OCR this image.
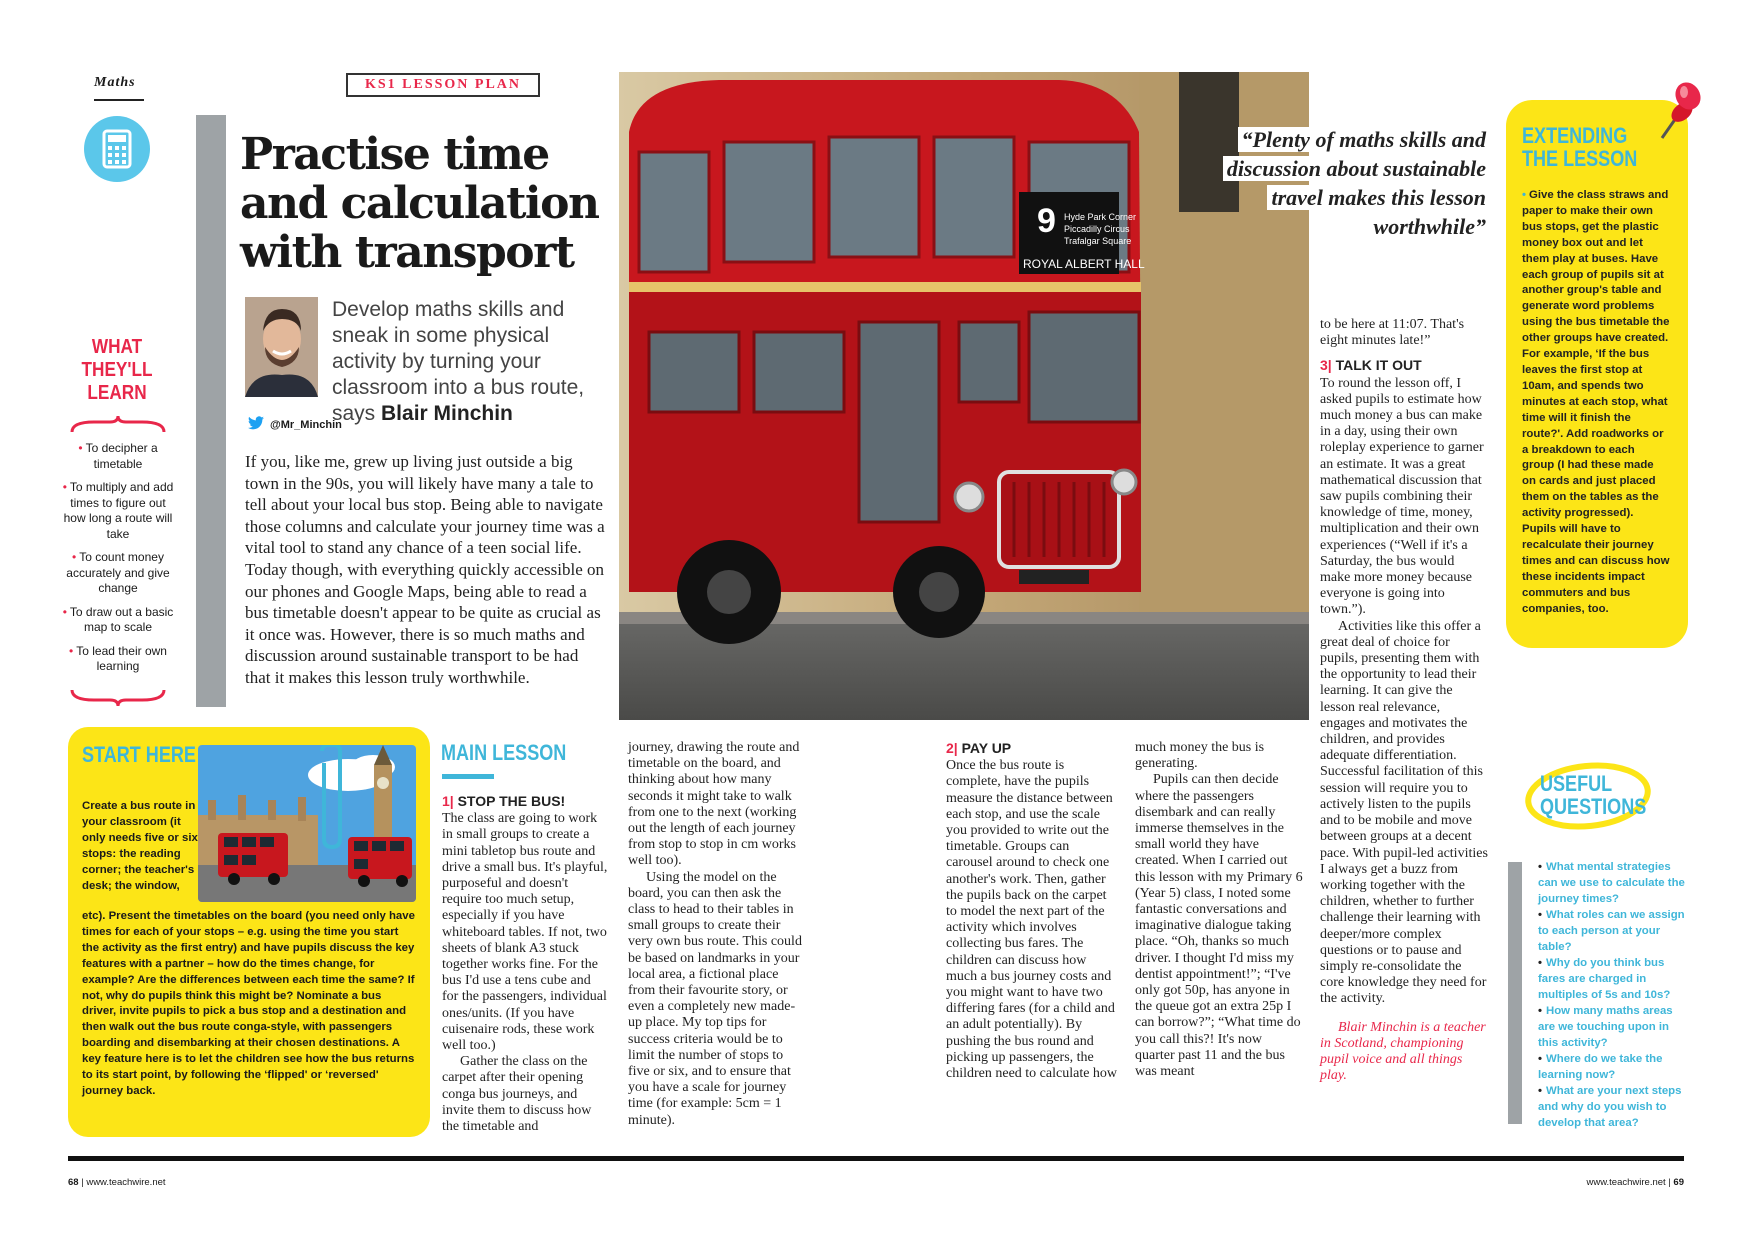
Maths	KS1 LESSON PLAN
Practise time and calculation with transport
Develop maths skills and sneak in some physical activity by turning your classroom into a bus route, says Blair Minchin
@Mr_Minchin

If you, like me, grew up living just outside a big town in the 90s, you will likely have many a tale to tell about your local bus stop. Being able to navigate those columns and calculate your journey time was a vital tool to stand any chance of a teen social life. Today though, with everything quickly accessible on our phones and Google Maps, being able to read a bus timetable doesn't appear to be quite as crucial as it once was. However, there is so much maths and discussion around sustainable transport to be had that it makes this lesson truly worthwhile.

WHAT THEY'LL LEARN
• To decipher a timetable
• To multiply and add times to figure out how long a route will take
• To count money accurately and give change
• To draw out a basic map to scale
• To lead their own learning
9 Hyde Park Corner
Piccadilly Circus
Trafalgar Square
ROYAL ALBERT HALL
“Plenty of maths skills and discussion about sustainable travel makes this lesson worthwhile”
EXTENDING THE LESSON

• Give the class straws and paper to make their own bus stops, get the plastic money box out and let them play at buses. Have each group of pupils sit at another group's table and generate word problems using the bus timetable the other groups have created. For example, ‘If the bus leaves the first stop at 10am, and spends two minutes at each stop, what time will it finish the route?'. Add roadworks or a breakdown to each group (I had these made on cards and just placed them on the tables as the activity progressed). Pupils will have to recalculate their journey times and can discuss how these incidents impact commuters and bus companies, too.

to be here at 11:07. That's eight minutes late!”

3| TALK IT OUT

To round the lesson off, I asked pupils to estimate how much money a bus can make in a day, using their own roleplay experience to garner an estimate. It was a great mathematical discussion that saw pupils combining their knowledge of time, money, multiplication and their own experiences (“Well if it's a Saturday, the bus would make more money because everyone is going into town.”).

Activities like this offer a great deal of choice for pupils, presenting them with the opportunity to lead their learning. It can give the lesson real relevance, engages and motivates the children, and provides adequate differentiation. Successful facilitation of this session will require you to actively listen to the pupils and to be mobile and move between groups at a decent pace. With pupil-led activities I always get a buzz from working together with the children, whether to further challenge their learning with deeper/more complex questions or to pause and simply re-consolidate the core knowledge they need for the activity.

Blair Minchin is a teacher in Scotland, championing pupil voice and all things play.

USEFUL QUESTIONS
• What mental strategies can we use to calculate the journey times?
• What roles can we assign to each person at your table?
• Why do you think bus fares are charged in multiples of 5s and 10s?
• How many maths areas are we touching upon in this activity?
• Where do we take the learning now?
• What are your next steps and why do you wish to develop that area?
START HERE

Create a bus route in your classroom (it only needs five or six stops: the reading corner; the teacher's desk; the window,

etc). Present the timetables on the board (you need only have times for each of your stops – e.g. using the time you start the activity as the first entry) and have pupils discuss the key features with a partner – how do the times change, for example? Are the differences between each time the same? If not, why do pupils think this might be? Nominate a bus driver, invite pupils to pick a bus stop and a destination and then walk out the bus route conga-style, with passengers boarding and disembarking at their chosen destinations. A key feature here is to let the children see how the bus returns to its start point, by following the ‘flipped' or ‘reversed' journey back.

MAIN LESSON
1| STOP THE BUS!

The class are going to work in small groups to create a mini tabletop bus route and drive a small bus. It's playful, purposeful and doesn't require too much setup, especially if you have whiteboard tables. If not, two sheets of blank A3 stuck together works fine. For the bus I'd use a tens cube and for the passengers, individual ones/units. (If you have cuisenaire rods, these work well too.)

Gather the class on the carpet after their opening conga bus journeys, and invite them to discuss how the timetable and

journey, drawing the route and timetable on the board, and thinking about how many seconds it might take to walk from one to the next (working out the length of each journey from stop to stop in cm works well too).

Using the model on the board, you can then ask the class to head to their tables in small groups to create their very own bus route. This could be based on landmarks in your local area, a fictional place from their favourite story, or even a completely new made-up place. My top tips for success criteria would be to limit the number of stops to five or six, and to ensure that you have a scale for journey time (for example: 5cm = 1 minute).

2| PAY UP

Once the bus route is complete, have the pupils measure the distance between each stop, and use the scale you provided to write out the timetable. Groups can carousel around to check one another's work. Then, gather the pupils back on the carpet to model the next part of the activity which involves collecting bus fares. The children can discuss how much a bus journey costs and you might want to have two differing fares (for a child and an adult potentially). By pushing the bus round and picking up passengers, the children need to calculate how

much money the bus is generating.

Pupils can then decide where the passengers disembark and can really immerse themselves in the small world they have created. When I carried out this lesson with my Primary 6 (Year 5) class, I noted some fantastic conversations and imaginative dialogue taking place. “Oh, thanks so much driver. I thought I'd miss my dentist appointment!”; “I've only got 50p, has anyone in the queue got an extra 25p I can borrow?”; “What time do you call this?! It's now quarter past 11 and the bus was meant

68 | www.teachwire.net	www.teachwire.net | 69
